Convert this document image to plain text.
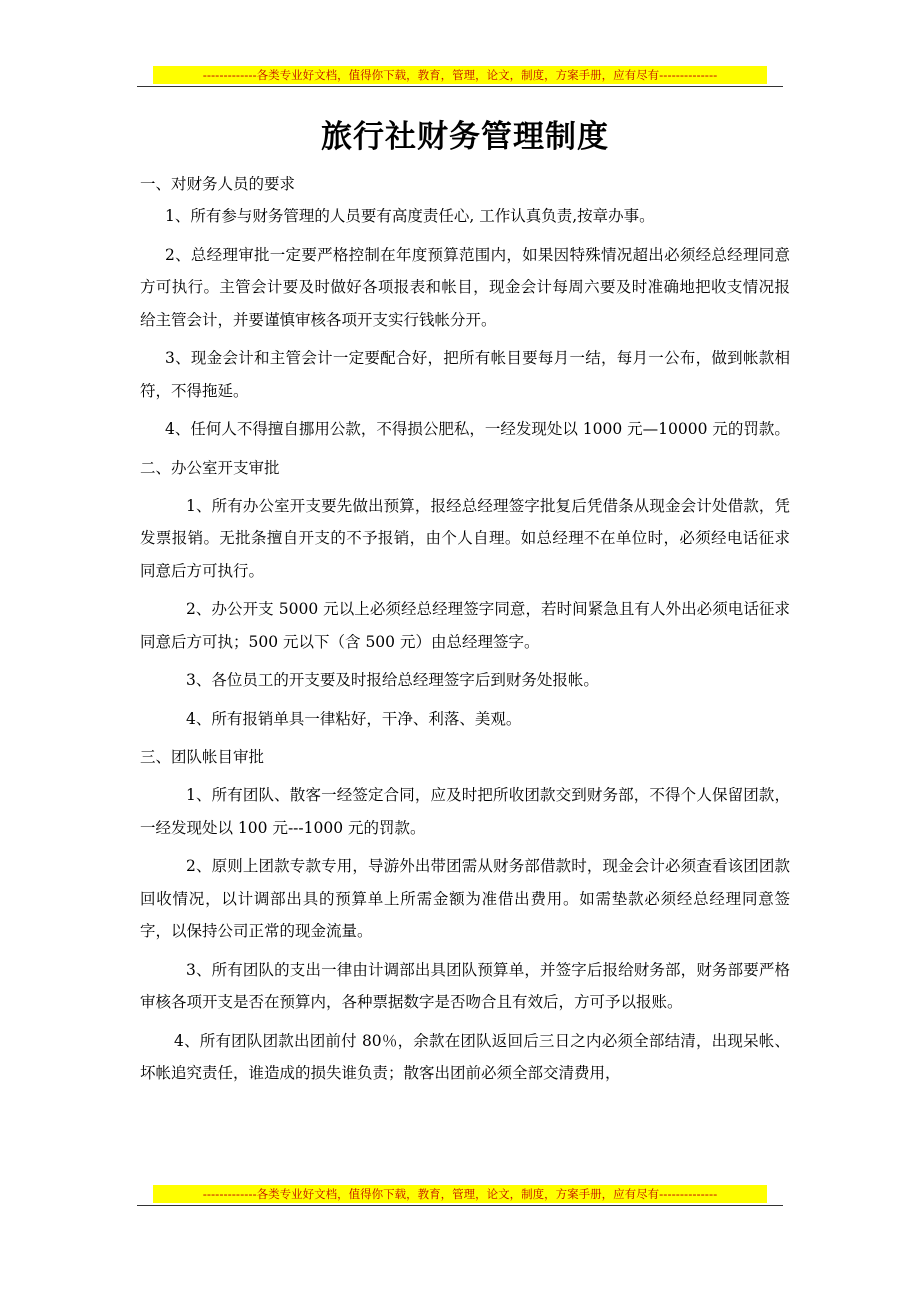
-------------各类专业好文档，值得你下载，教育，管理，论文，制度，方案手册，应有尽有--------------
旅行社财务管理制度

一、对财务人员的要求

1、所有参与财务管理的人员要有高度责任心, 工作认真负责,按章办事。

2、总经理审批一定要严格控制在年度预算范围内，如果因特殊情况超出必须经总经理同意方可执行。主管会计要及时做好各项报表和帐目，现金会计每周六要及时准确地把收支情况报给主管会计，并要谨慎审核各项开支实行钱帐分开。

3、现金会计和主管会计一定要配合好，把所有帐目要每月一结，每月一公布，做到帐款相符，不得拖延。

4、任何人不得擅自挪用公款，不得损公肥私，一经发现处以 1000 元—10000 元的罚款。

二、办公室开支审批

1、所有办公室开支要先做出预算，报经总经理签字批复后凭借条从现金会计处借款，凭发票报销。无批条擅自开支的不予报销，由个人自理。如总经理不在单位时，必须经电话征求同意后方可执行。

2、办公开支 5000 元以上必须经总经理签字同意，若时间紧急且有人外出必须电话征求同意后方可执；500 元以下（含 500 元）由总经理签字。

3、各位员工的开支要及时报给总经理签字后到财务处报帐。

4、所有报销单具一律粘好，干净、利落、美观。

三、团队帐目审批

1、所有团队、散客一经签定合同，应及时把所收团款交到财务部，不得个人保留团款，一经发现处以 100 元---1000 元的罚款。

2、原则上团款专款专用，导游外出带团需从财务部借款时，现金会计必须查看该团团款回收情况，以计调部出具的预算单上所需金额为准借出费用。如需垫款必须经总经理同意签字，以保持公司正常的现金流量。

3、所有团队的支出一律由计调部出具团队预算单，并签字后报给财务部，财务部要严格审核各项开支是否在预算内，各种票据数字是否吻合且有效后，方可予以报账。

4、所有团队团款出团前付 80％，余款在团队返回后三日之内必须全部结清，出现呆帐、坏帐追究责任，谁造成的损失谁负责；散客出团前必须全部交清费用，

-------------各类专业好文档，值得你下载，教育，管理，论文，制度，方案手册，应有尽有--------------
